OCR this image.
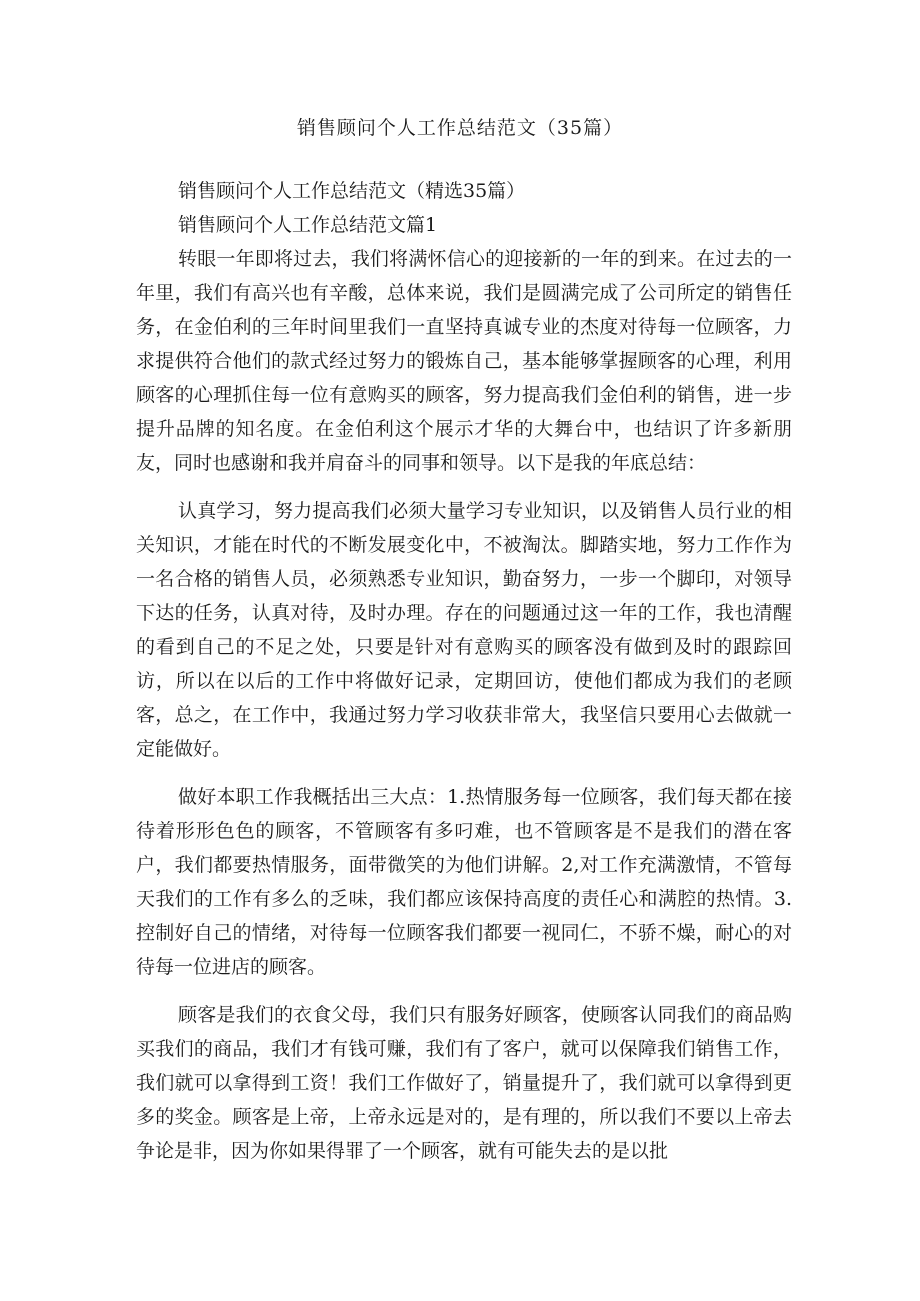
销售顾问个人工作总结范文（35篇）

销售顾问个人工作总结范文（精选35篇）

销售顾问个人工作总结范文篇1

转眼一年即将过去，我们将满怀信心的迎接新的一年的到来。在过去的一年里，我们有高兴也有辛酸，总体来说，我们是圆满完成了公司所定的销售任务，在金伯利的三年时间里我们一直坚持真诚专业的杰度对待每一位顾客，力求提供符合他们的款式经过努力的锻炼自己，基本能够掌握顾客的心理，利用顾客的心理抓住每一位有意购买的顾客，努力提高我们金伯利的销售，进一步提升品牌的知名度。在金伯利这个展示才华的大舞台中，也结识了许多新朋友，同时也感谢和我并肩奋斗的同事和领导。以下是我的年底总结：

认真学习，努力提高我们必须大量学习专业知识，以及销售人员行业的相关知识，才能在时代的不断发展变化中，不被淘汰。脚踏实地，努力工作作为一名合格的销售人员，必须熟悉专业知识，勤奋努力，一步一个脚印，对领导下达的任务，认真对待，及时办理。存在的问题通过这一年的工作，我也清醒的看到自己的不足之处，只要是针对有意购买的顾客没有做到及时的跟踪回访，所以在以后的工作中将做好记录，定期回访，使他们都成为我们的老顾客，总之，在工作中，我通过努力学习收获非常大，我坚信只要用心去做就一定能做好。

做好本职工作我概括出三大点：1.热情服务每一位顾客，我们每天都在接待着形形色色的顾客，不管顾客有多叼难，也不管顾客是不是我们的潜在客户，我们都要热情服务，面带微笑的为他们讲解。2,对工作充满激情，不管每天我们的工作有多么的乏味，我们都应该保持高度的责任心和满腔的热情。3.控制好自己的情绪，对待每一位顾客我们都要一视同仁，不骄不燥，耐心的对待每一位进店的顾客。

顾客是我们的衣食父母，我们只有服务好顾客，使顾客认同我们的商品购买我们的商品，我们才有钱可赚，我们有了客户，就可以保障我们销售工作，我们就可以拿得到工资！我们工作做好了，销量提升了，我们就可以拿得到更多的奖金。顾客是上帝，上帝永远是对的，是有理的，所以我们不要以上帝去争论是非，因为你如果得罪了一个顾客，就有可能失去的是以批
